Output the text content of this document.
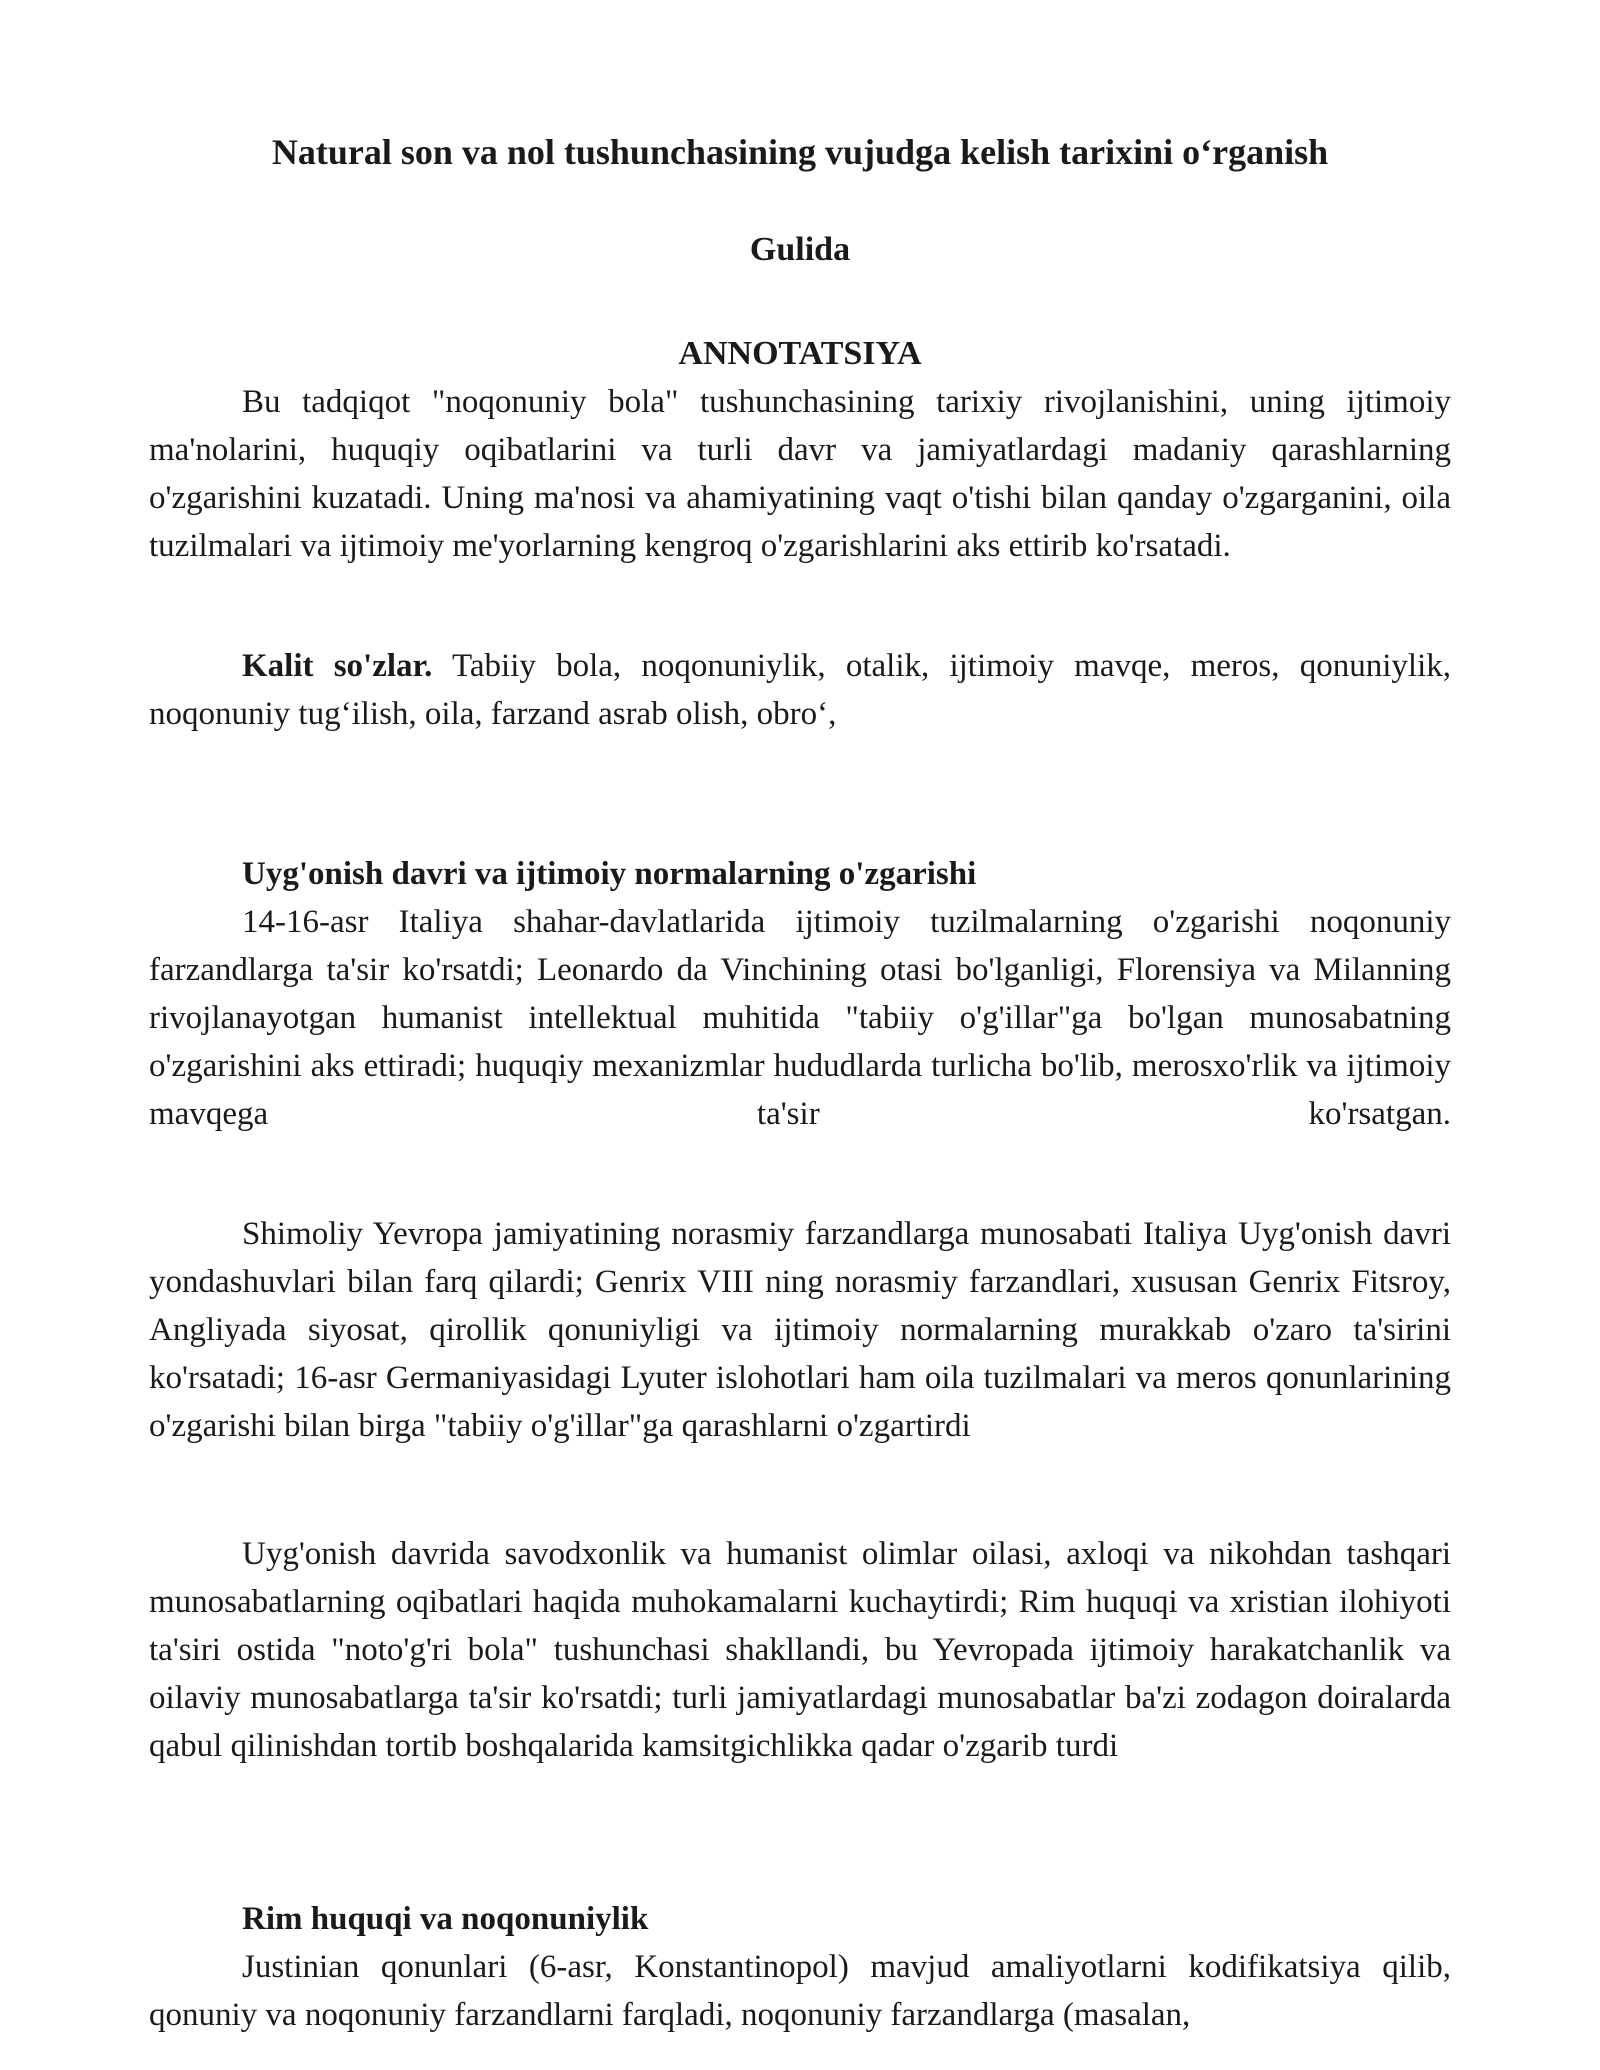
Natural son va nol tushunchasining vujudga kelish tarixini o‘rganish
Gulida
ANNOTATSIYA

Bu tadqiqot "noqonuniy bola" tushunchasining tarixiy rivojlanishini, uning ijtimoiy ma'nolarini, huquqiy oqibatlarini va turli davr va jamiyatlardagi madaniy qarashlarning o'zgarishini kuzatadi. Uning ma'nosi va ahamiyatining vaqt o'tishi bilan qanday o'zgarganini, oila tuzilmalari va ijtimoiy me'yorlarning kengroq o'zgarishlarini aks ettirib ko'rsatadi.

Kalit so'zlar. Tabiiy bola, noqonuniylik, otalik, ijtimoiy mavqe, meros, qonuniylik, noqonuniy tug‘ilish, oila, farzand asrab olish, obro‘,

Uyg'onish davri va ijtimoiy normalarning o'zgarishi

14-16-asr Italiya shahar-davlatlarida ijtimoiy tuzilmalarning o'zgarishi noqonuniy farzandlarga ta'sir ko'rsatdi; Leonardo da Vinchining otasi bo'lganligi, Florensiya va Milanning rivojlanayotgan humanist intellektual muhitida "tabiiy o'g'illar"ga bo'lgan munosabatning o'zgarishini aks ettiradi; huquqiy mexanizmlar hududlarda turlicha bo'lib, merosxo'rlik va ijtimoiy mavqega ta'sir ko'rsatgan.

Shimoliy Yevropa jamiyatining norasmiy farzandlarga munosabati Italiya Uyg'onish davri yondashuvlari bilan farq qilardi; Genrix VIII ning norasmiy farzandlari, xususan Genrix Fitsroy, Angliyada siyosat, qirollik qonuniyligi va ijtimoiy normalarning murakkab o'zaro ta'sirini ko'rsatadi; 16-asr Germaniyasidagi Lyuter islohotlari ham oila tuzilmalari va meros qonunlarining o'zgarishi bilan birga "tabiiy o'g'illar"ga qarashlarni o'zgartirdi

Uyg'onish davrida savodxonlik va humanist olimlar oilasi, axloqi va nikohdan tashqari munosabatlarning oqibatlari haqida muhokamalarni kuchaytirdi; Rim huquqi va xristian ilohiyoti ta'siri ostida "noto'g'ri bola" tushunchasi shakllandi, bu Yevropada ijtimoiy harakatchanlik va oilaviy munosabatlarga ta'sir ko'rsatdi; turli jamiyatlardagi munosabatlar ba'zi zodagon doiralarda qabul qilinishdan tortib boshqalarida kamsitgichlikka qadar o'zgarib turdi

Rim huquqi va noqonuniylik

Justinian qonunlari (6-asr, Konstantinopol) mavjud amaliyotlarni kodifikatsiya qilib, qonuniy va noqonuniy farzandlarni farqladi, noqonuniy farzandlarga (masalan,
